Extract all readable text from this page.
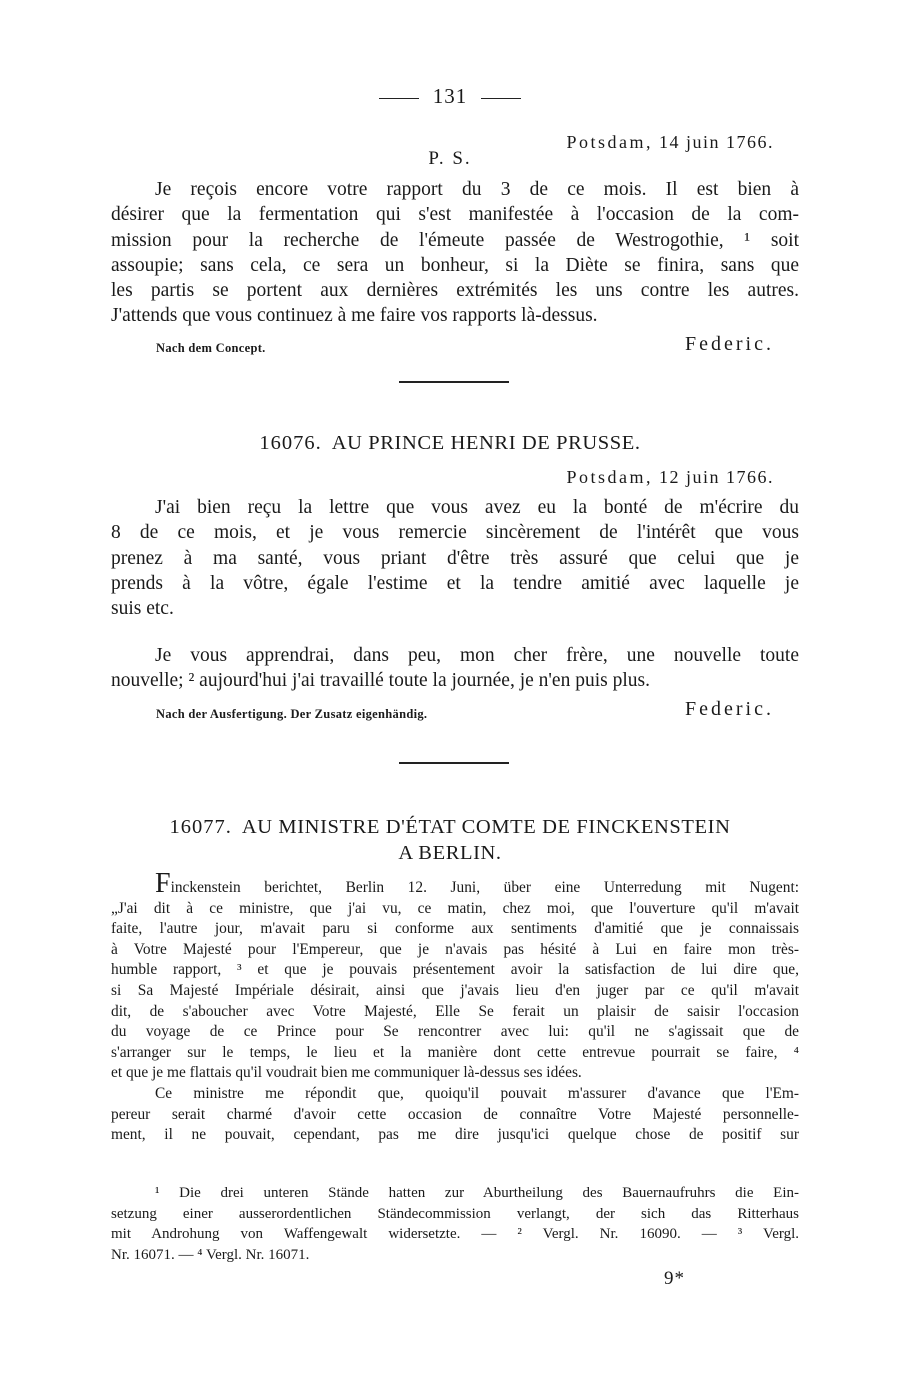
131
Potsdam, 14 juin 1766.
P. S.
Je reçois encore votre rapport du 3 de ce mois. Il est bien à
désirer que la fermentation qui s'est manifestée à l'occasion de la com-
mission pour la recherche de l'émeute passée de Westrogothie, ¹ soit
assoupie; sans cela, ce sera un bonheur, si la Diète se finira, sans que
les partis se portent aux dernières extrémités les uns contre les autres.
J'attends que vous continuez à me faire vos rapports là-dessus.
Nach dem Concept.	Federic.
16076. AU PRINCE HENRI DE PRUSSE.
Potsdam, 12 juin 1766.
J'ai bien reçu la lettre que vous avez eu la bonté de m'écrire du
8 de ce mois, et je vous remercie sincèrement de l'intérêt que vous
prenez à ma santé, vous priant d'être très assuré que celui que je
prends à la vôtre, égale l'estime et la tendre amitié avec laquelle je
suis etc.
Je vous apprendrai, dans peu, mon cher frère, une nouvelle toute
nouvelle; ² aujourd'hui j'ai travaillé toute la journée, je n'en puis plus.
Nach der Ausfertigung. Der Zusatz eigenhändig.	Federic.
16077. AU MINISTRE D'ÉTAT COMTE DE FINCKENSTEIN
A BERLIN.
Finckenstein berichtet, Berlin 12. Juni, über eine Unterredung mit Nugent:
„J'ai dit à ce ministre, que j'ai vu, ce matin, chez moi, que l'ouverture qu'il m'avait
faite, l'autre jour, m'avait paru si conforme aux sentiments d'amitié que je connaissais
à Votre Majesté pour l'Empereur, que je n'avais pas hésité à Lui en faire mon très-
humble rapport, ³ et que je pouvais présentement avoir la satisfaction de lui dire que,
si Sa Majesté Impériale désirait, ainsi que j'avais lieu d'en juger par ce qu'il m'avait
dit, de s'aboucher avec Votre Majesté, Elle Se ferait un plaisir de saisir l'occasion
du voyage de ce Prince pour Se rencontrer avec lui: qu'il ne s'agissait que de
s'arranger sur le temps, le lieu et la manière dont cette entrevue pourrait se faire, ⁴
et que je me flattais qu'il voudrait bien me communiquer là-dessus ses idées.
Ce ministre me répondit que, quoiqu'il pouvait m'assurer d'avance que l'Em-
pereur serait charmé d'avoir cette occasion de connaître Votre Majesté personnelle-
ment, il ne pouvait, cependant, pas me dire jusqu'ici quelque chose de positif sur
¹ Die drei unteren Stände hatten zur Aburtheilung des Bauernaufruhrs die Ein-
setzung einer ausserordentlichen Ständecommission verlangt, der sich das Ritterhaus
mit Androhung von Waffengewalt widersetzte. — ² Vergl. Nr. 16090. — ³ Vergl.
Nr. 16071. — ⁴ Vergl. Nr. 16071.
9*
